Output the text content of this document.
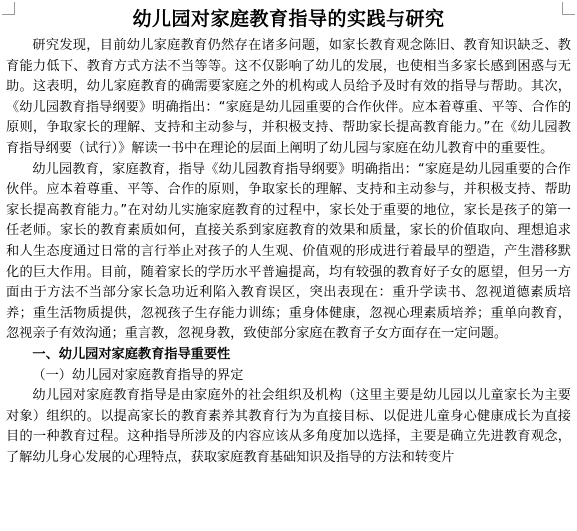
幼儿园对家庭教育指导的实践与研究

研究发现，目前幼儿家庭教育仍然存在诸多问题，如家长教育观念陈旧、教育知识缺乏、教育能力低下、教育方式方法不当等等。这不仅影响了幼儿的发展，也使相当多家长感到困惑与无助。这表明，幼儿家庭教育的确需要家庭之外的机构或人员给予及时有效的指导与帮助。其次，《幼儿园教育指导纲要》明确指出：“家庭是幼儿园重要的合作伙伴。应本着尊重、平等、合作的原则，争取家长的理解、支持和主动参与，并积极支持、帮助家长提高教育能力。”在《幼儿园教育指导纲要（试行）》解读一书中在理论的层面上阐明了幼儿园与家庭在幼儿教育中的重要性。

幼儿园教育，家庭教育，指导《幼儿园教育指导纲要》明确指出：“家庭是幼儿园重要的合作伙伴。应本着尊重、平等、合作的原则，争取家长的理解、支持和主动参与，并积极支持、帮助家长提高教育能力。”在对幼儿实施家庭教育的过程中，家长处于重要的地位，家长是孩子的第一任老师。家长的教育素质如何，直接关系到家庭教育的效果和质量，家长的价值取向、理想追求和人生态度通过日常的言行举止对孩子的人生观、价值观的形成进行着最早的塑造，产生潜移默化的巨大作用。目前，随着家长的学历水平普遍提高，均有较强的教育好子女的愿望，但另一方面由于方法不当部分家长急功近利陷入教育误区，突出表现在：重升学读书、忽视道德素质培养；重生活物质提供，忽视孩子生存能力训练；重身体健康，忽视心理素质培养；重单向教育，忽视亲子有效沟通；重言教，忽视身教，致使部分家庭在教育子女方面存在一定问题。

一、幼儿园对家庭教育指导重要性
（一）幼儿园对家庭教育指导的界定

幼儿园对家庭教育指导是由家庭外的社会组织及机构（这里主要是幼儿园以儿童家长为主要对象）组织的。以提高家长的教育素养其教育行为为直接目标、以促进儿童身心健康成长为直接目的一种教育过程。这种指导所涉及的内容应该从多角度加以选择，主要是确立先进教育观念，了解幼儿身心发展的心理特点，获取家庭教育基础知识及指导的方法和转变片
